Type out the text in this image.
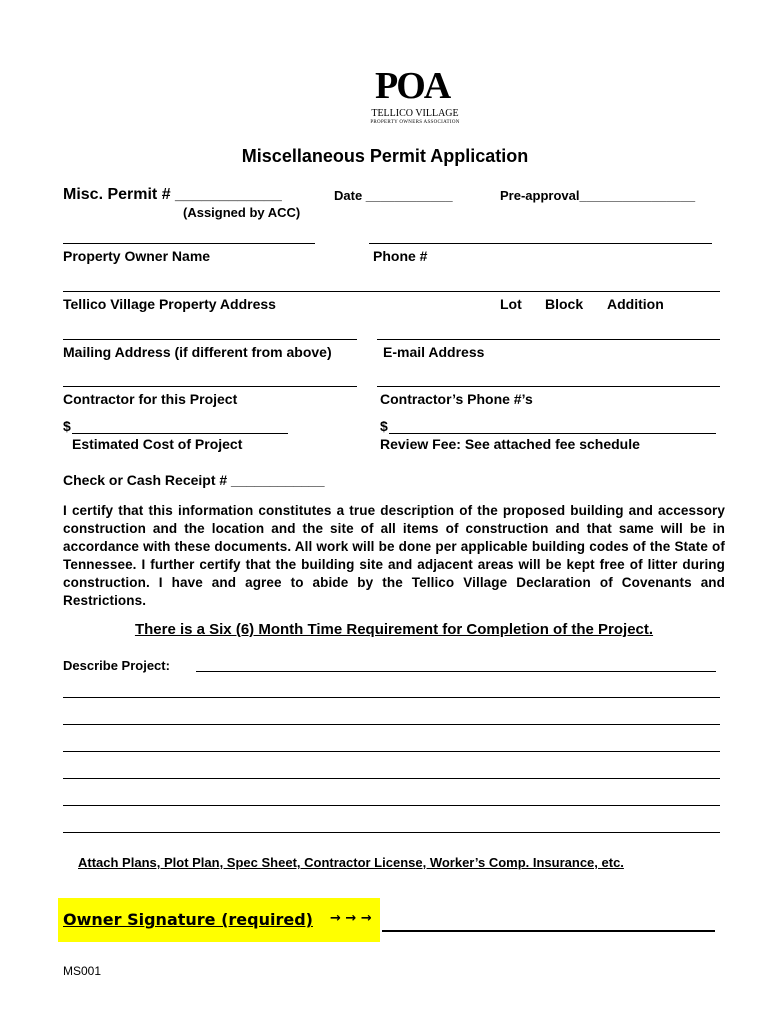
POA
TELLICO VILLAGE
PROPERTY OWNERS ASSOCIATION
Miscellaneous Permit Application
Misc. Permit # ____________	Date ____________	Pre-approval________________
(Assigned by ACC)
Property Owner Name	Phone #
Tellico Village Property Address	Lot Block Addition
Mailing Address (if different from above)	E-mail Address
Contractor for this Project	Contractor’s Phone #’s
$	$
Estimated Cost of Project	Review Fee: See attached fee schedule
Check or Cash Receipt # ____________
I certify that this information constitutes a true description of the proposed building and accessory construction and the location and the site of all items of construction and that same will be in accordance with these documents. All work will be done per applicable building codes of the State of Tennessee. I further certify that the building site and adjacent areas will be kept free of litter during construction. I have and agree to abide by the Tellico Village Declaration of Covenants and Restrictions.
There is a Six (6) Month Time Requirement for Completion of the Project.
Describe Project:
Attach Plans, Plot Plan, Spec Sheet, Contractor License, Worker’s Comp. Insurance, etc.
Owner Signature (required) → → →
MS001
